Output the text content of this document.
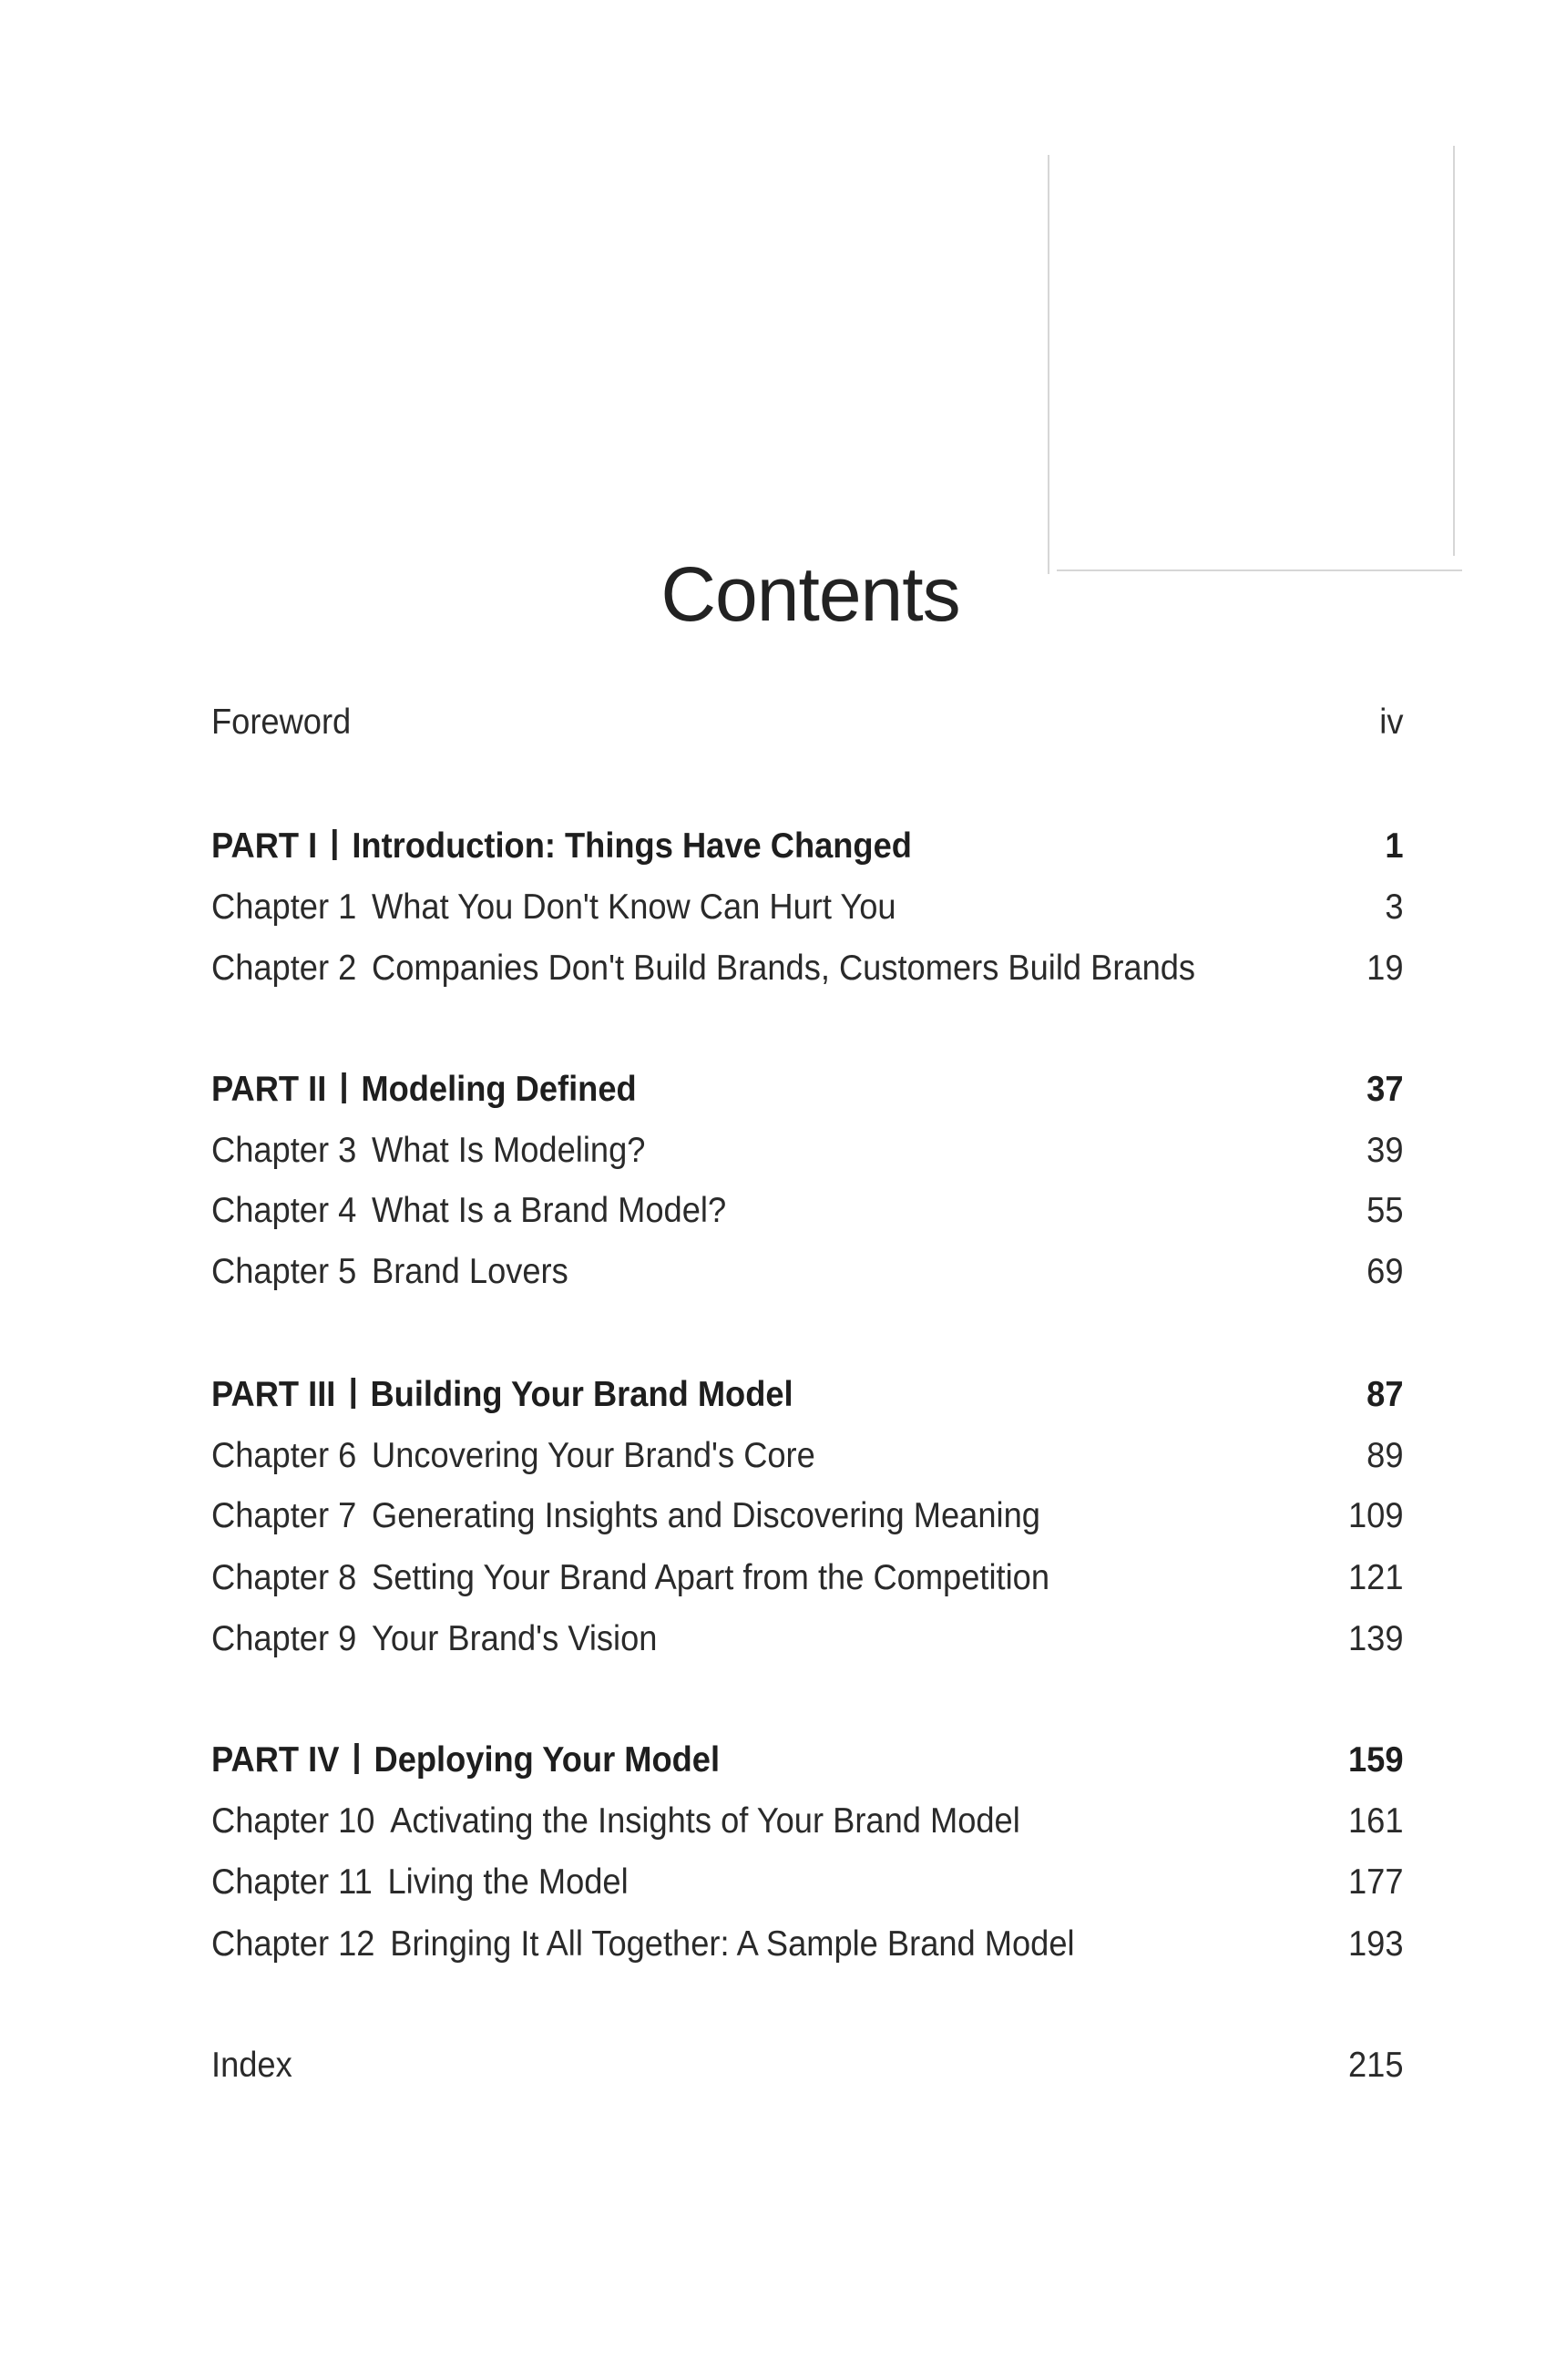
Contents
Foreword	iv
PART I Introduction: Things Have Changed	1
Chapter 1 What You Don't Know Can Hurt You	3
Chapter 2 Companies Don't Build Brands, Customers Build Brands	19
PART II Modeling Defined	37
Chapter 3 What Is Modeling?	39
Chapter 4 What Is a Brand Model?	55
Chapter 5 Brand Lovers	69
PART III Building Your Brand Model	87
Chapter 6 Uncovering Your Brand's Core	89
Chapter 7 Generating Insights and Discovering Meaning	109
Chapter 8 Setting Your Brand Apart from the Competition	121
Chapter 9 Your Brand's Vision	139
PART IV Deploying Your Model	159
Chapter 10 Activating the Insights of Your Brand Model	161
Chapter 11 Living the Model	177
Chapter 12 Bringing It All Together: A Sample Brand Model	193
Index	215
